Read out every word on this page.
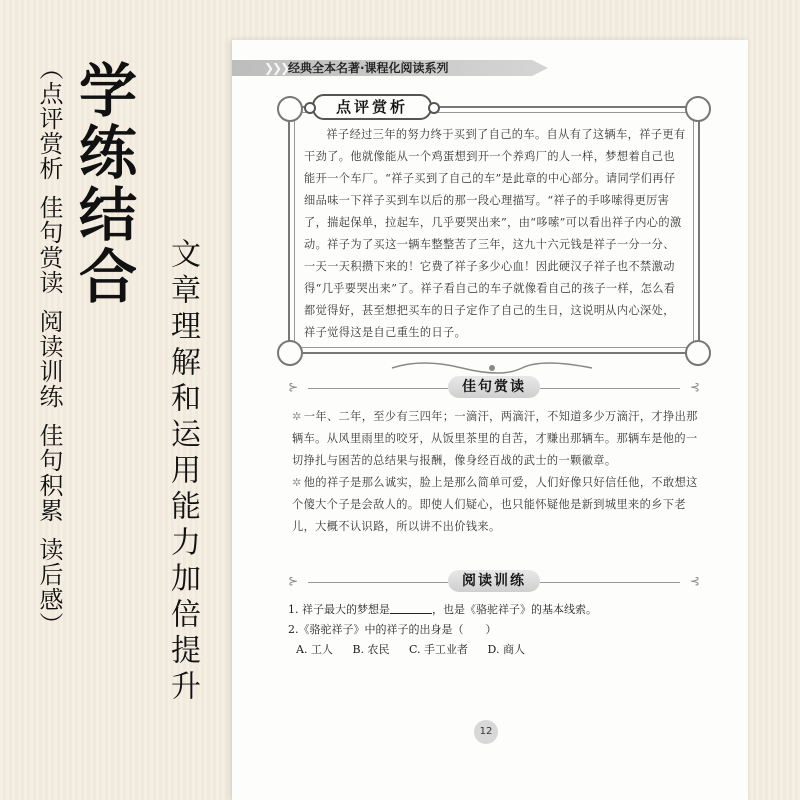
学
练
结
合
（点评赏析佳句赏读阅读训练佳句积累读后感）	文章理解和运用能力加倍提升
❯❯❯ 经典全本名著·课程化阅读系列
点评赏析
祥子经过三年的努力终于买到了自己的车。自从有了这辆车，祥子更有干劲了。他就像能从一个鸡蛋想到开一个养鸡厂的人一样，梦想着自己也能开一个车厂。“祥子买到了自己的车”是此章的中心部分。请同学们再仔细品味一下祥子买到车以后的那一段心理描写。“祥子的手哆嗦得更厉害了，揣起保单，拉起车，几乎要哭出来”，由“哆嗦”可以看出祥子内心的激动。祥子为了买这一辆车整整苦了三年，这九十六元钱是祥子一分一分、一天一天积攒下来的！它费了祥子多少心血！因此硬汉子祥子也不禁激动得“几乎要哭出来”了。祥子看自己的车子就像看自己的孩子一样，怎么看都觉得好，甚至想把买车的日子定作了自己的生日，这说明从内心深处，祥子觉得这是自己重生的日子。
⊱	佳句赏读	⊰

✲ 一年、二年，至少有三四年；一滴汗，两滴汗，不知道多少万滴汗，才挣出那辆车。从风里雨里的咬牙，从饭里茶里的自苦，才赚出那辆车。那辆车是他的一切挣扎与困苦的总结果与报酬，像身经百战的武士的一颗徽章。

✲ 他的祥子是那么诚实，脸上是那么简单可爱，人们好像只好信任他，不敢想这个傻大个子是会敌人的。即使人们疑心，也只能怀疑他是新到城里来的乡下老儿，大概不认识路，所以讲不出价钱来。

⊱	阅读训练	⊰

1. 祥子最大的梦想是	，也是《骆驼祥子》的基本线索。

2.《骆驼祥子》中的祥子的出身是（　　）

A. 工人 B. 农民 C. 手工业者 D. 商人
12
